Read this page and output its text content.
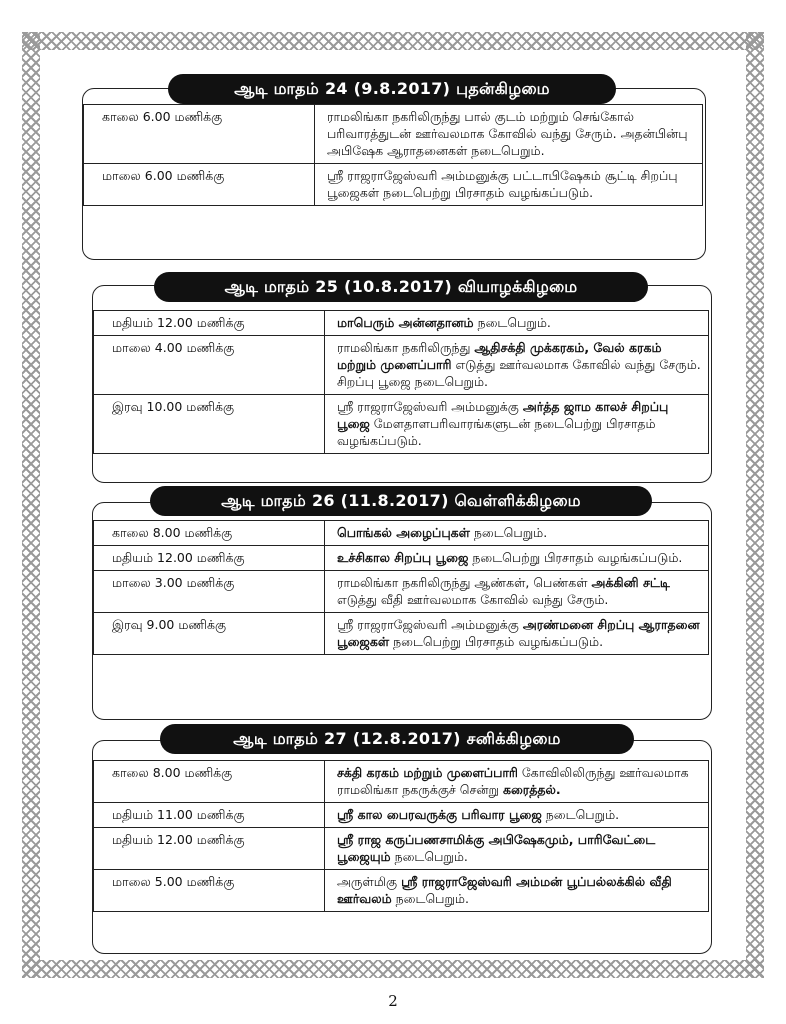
ஆடி மாதம் 24 (9.8.2017) புதன்கிழமை
காலை 6.00 மணிக்கு	ராமலிங்கா நகரிலிருந்து பால் குடம் மற்றும் செங்கோல் பரிவாரத்துடன் ஊர்வலமாக கோவில் வந்து சேரும். அதன்பின்பு அபிஷேக ஆராதனைகள் நடைபெறும்.
மாலை 6.00 மணிக்கு	ஸ்ரீ ராஜராஜேஸ்வரி அம்மனுக்கு பட்டாபிஷேகம் சூட்டி சிறப்பு பூஜைகள் நடைபெற்று பிரசாதம் வழங்கப்படும்.
ஆடி மாதம் 25 (10.8.2017) வியாழக்கிழமை
மதியம் 12.00 மணிக்கு	மாபெரும் அன்னதானம் நடைபெறும்.
மாலை 4.00 மணிக்கு	ராமலிங்கா நகரிலிருந்து ஆதிசக்தி முக்கரகம், வேல் கரகம் மற்றும் முளைப்பாரி எடுத்து ஊர்வலமாக கோவில் வந்து சேரும். சிறப்பு பூஜை நடைபெறும்.
இரவு 10.00 மணிக்கு	ஸ்ரீ ராஜராஜேஸ்வரி அம்மனுக்கு அர்த்த ஜாம காலச் சிறப்பு பூஜை மேளதாளபரிவாரங்களுடன் நடைபெற்று பிரசாதம் வழங்கப்படும்.
ஆடி மாதம் 26 (11.8.2017) வெள்ளிக்கிழமை
காலை 8.00 மணிக்கு	பொங்கல் அழைப்புகள் நடைபெறும்.
மதியம் 12.00 மணிக்கு	உச்சிகால சிறப்பு பூஜை நடைபெற்று பிரசாதம் வழங்கப்படும்.
மாலை 3.00 மணிக்கு	ராமலிங்கா நகரிலிருந்து ஆண்கள், பெண்கள் அக்கினி சட்டி எடுத்து வீதி ஊர்வலமாக கோவில் வந்து சேரும்.
இரவு 9.00 மணிக்கு	ஸ்ரீ ராஜராஜேஸ்வரி அம்மனுக்கு அரண்மனை சிறப்பு ஆராதனை பூஜைகள் நடைபெற்று பிரசாதம் வழங்கப்படும்.
ஆடி மாதம் 27 (12.8.2017) சனிக்கிழமை
காலை 8.00 மணிக்கு	சக்தி கரகம் மற்றும் முளைப்பாரி கோவிலிலிருந்து ஊர்வலமாக ராமலிங்கா நகருக்குச் சென்று கரைத்தல்.
மதியம் 11.00 மணிக்கு	ஸ்ரீ கால பைரவருக்கு பரிவார பூஜை நடைபெறும்.
மதியம் 12.00 மணிக்கு	ஸ்ரீ ராஜ கருப்பணசாமிக்கு அபிஷேகமும், பாரிவேட்டை பூஜையும் நடைபெறும்.
மாலை 5.00 மணிக்கு	அருள்மிகு ஸ்ரீ ராஜராஜேஸ்வரி அம்மன் பூப்பல்லக்கில் வீதி ஊர்வலம் நடைபெறும்.
2
